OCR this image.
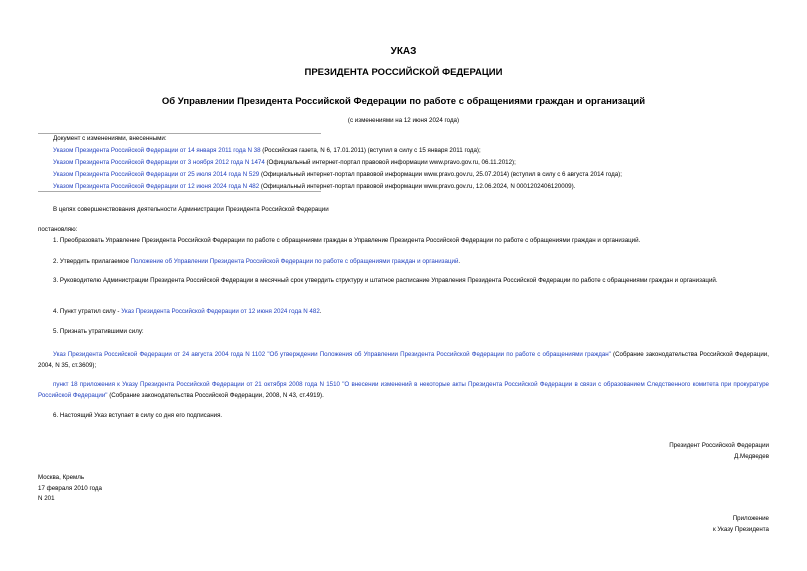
УКАЗ
ПРЕЗИДЕНТА РОССИЙСКОЙ ФЕДЕРАЦИИ
Об Управлении Президента Российской Федерации по работе с обращениями граждан и организаций
(с изменениями на 12 июня 2024 года)
Документ с изменениями, внесенными:
Указом Президента Российской Федерации от 14 января 2011 года N 38 (Российская газета, N 6, 17.01.2011) (вступил в силу с 15 января 2011 года);
Указом Президента Российской Федерации от 3 ноября 2012 года N 1474 (Официальный интернет-портал правовой информации www.pravo.gov.ru, 06.11.2012);
Указом Президента Российской Федерации от 25 июля 2014 года N 529 (Официальный интернет-портал правовой информации www.pravo.gov.ru, 25.07.2014) (вступил в силу с 6 августа 2014 года);
Указом Президента Российской Федерации от 12 июня 2024 года N 482 (Официальный интернет-портал правовой информации www.pravo.gov.ru, 12.06.2024, N 0001202406120009).
В целях совершенствования деятельности Администрации Президента Российской Федерации
постановляю:
1. Преобразовать Управление Президента Российской Федерации по работе с обращениями граждан в Управление Президента Российской Федерации по работе с обращениями граждан и организаций.
2. Утвердить прилагаемое Положение об Управлении Президента Российской Федерации по работе с обращениями граждан и организаций.
3. Руководителю Администрации Президента Российской Федерации в месячный срок утвердить структуру и штатное расписание Управления Президента Российской Федерации по работе с обращениями граждан и организаций.
4. Пункт утратил силу - Указ Президента Российской Федерации от 12 июня 2024 года N 482.
5. Признать утратившими силу:
Указ Президента Российской Федерации от 24 августа 2004 года N 1102 "Об утверждении Положения об Управлении Президента Российской Федерации по работе с обращениями граждан" (Собрание законодательства Российской Федерации, 2004, N 35, ст.3609);
пункт 18 приложения к Указу Президента Российской Федерации от 21 октября 2008 года N 1510 "О внесении изменений в некоторые акты Президента Российской Федерации в связи с образованием Следственного комитета при прокуратуре Российской Федерации" (Собрание законодательства Российской Федерации, 2008, N 43, ст.4919).
6. Настоящий Указ вступает в силу со дня его подписания.
Президент Российской Федерации
Д.Медведев
Москва, Кремль
17 февраля 2010 года
N 201
Приложение
к Указу Президента
